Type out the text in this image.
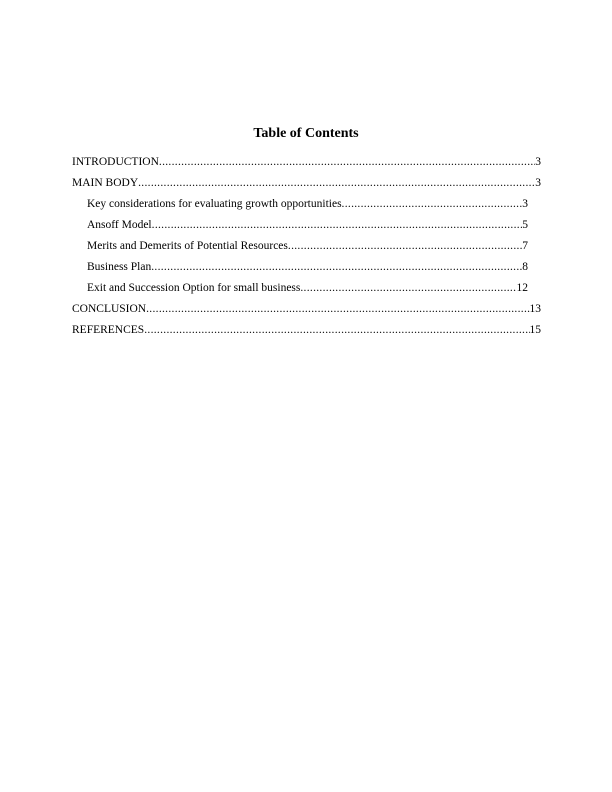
Table of Contents
INTRODUCTION .....	3
MAIN BODY .....	3
Key considerations for evaluating growth opportunities .....	3
Ansoff Model .....	5
Merits and Demerits of Potential Resources .....	7
Business Plan .....	8
Exit and Succession Option for small business .....	12
CONCLUSION .....	13
REFERENCES .....	15
